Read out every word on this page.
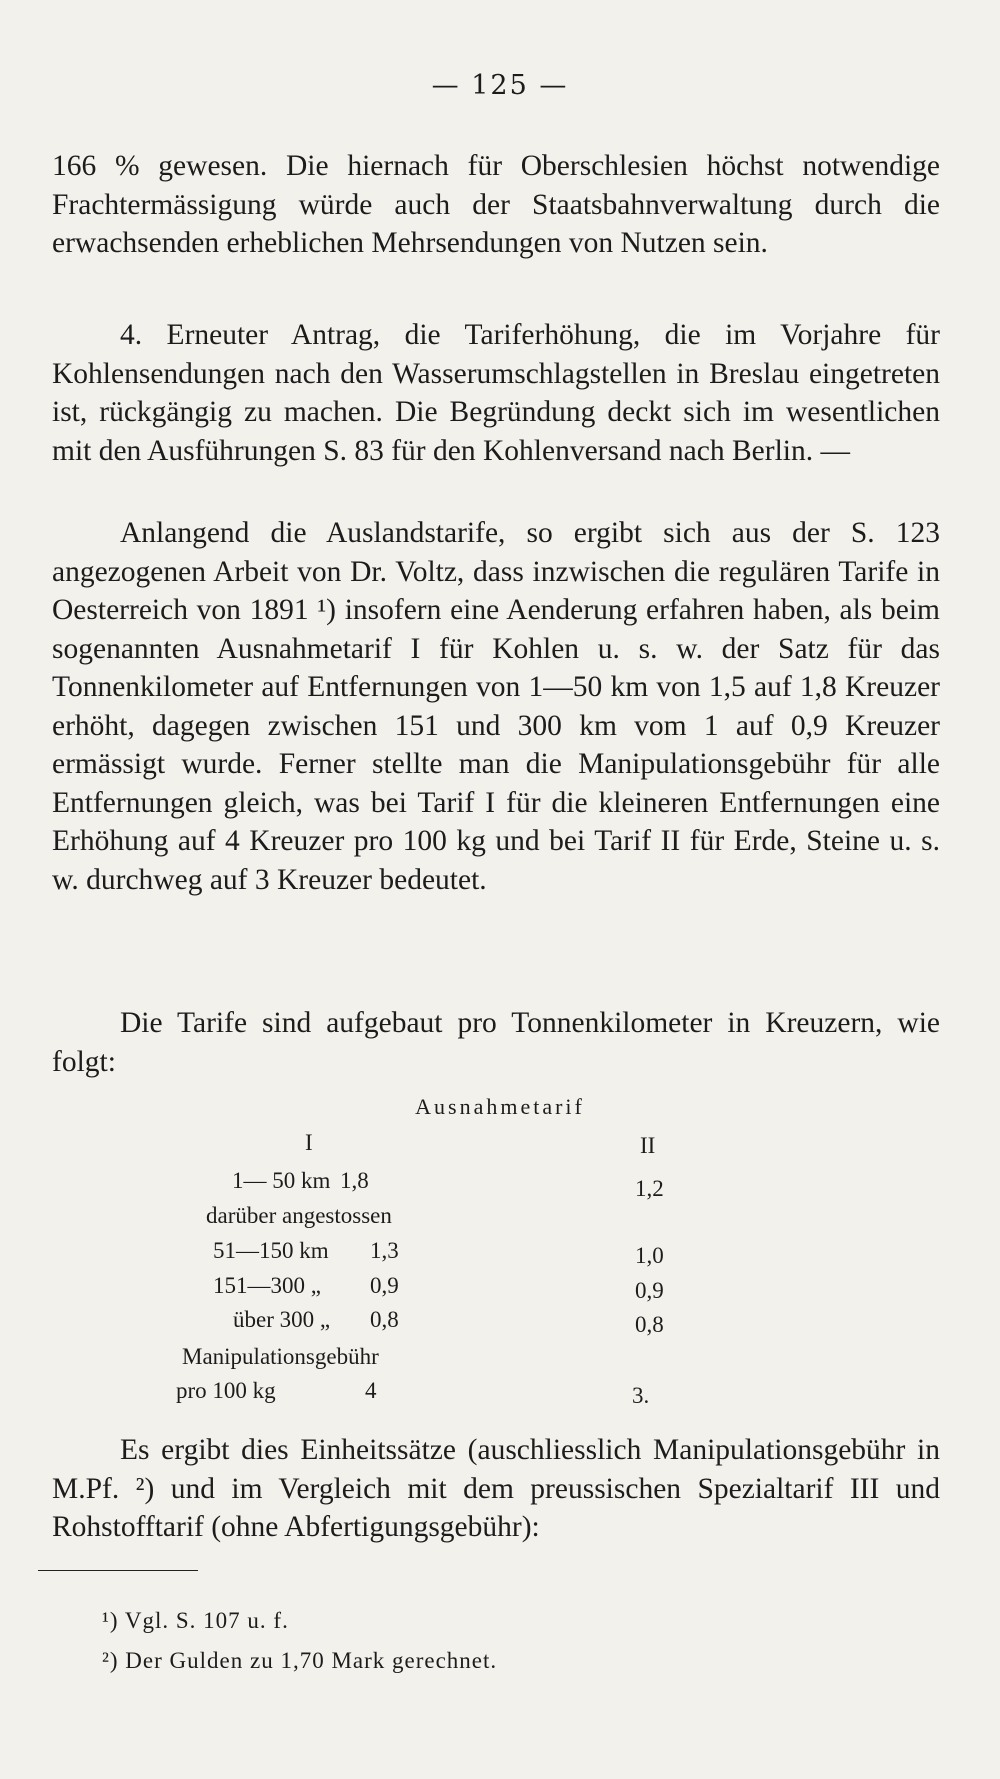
— 125 —

166 % gewesen. Die hiernach für Oberschlesien höchst notwendige Frachtermässigung würde auch der Staatsbahnverwaltung durch die erwachsenden erheblichen Mehrsendungen von Nutzen sein.

4. Erneuter Antrag, die Tariferhöhung, die im Vorjahre für Kohlensendungen nach den Wasserumschlagstellen in Breslau eingetreten ist, rückgängig zu machen. Die Begründung deckt sich im wesentlichen mit den Ausführungen S. 83 für den Kohlenversand nach Berlin. —

Anlangend die Auslandstarife, so ergibt sich aus der S. 123 angezogenen Arbeit von Dr. Voltz, dass inzwischen die regulären Tarife in Oesterreich von 1891 ¹) insofern eine Aenderung erfahren haben, als beim sogenannten Ausnahmetarif I für Kohlen u. s. w. der Satz für das Tonnenkilometer auf Entfernungen von 1—50 km von 1,5 auf 1,8 Kreuzer erhöht, dagegen zwischen 151 und 300 km vom 1 auf 0,9 Kreuzer ermässigt wurde. Ferner stellte man die Manipulationsgebühr für alle Entfernungen gleich, was bei Tarif I für die kleineren Entfernungen eine Erhöhung auf 4 Kreuzer pro 100 kg und bei Tarif II für Erde, Steine u. s. w. durchweg auf 3 Kreuzer bedeutet.

Die Tarife sind aufgebaut pro Tonnenkilometer in Kreuzern, wie folgt:

Ausnahmetarif
I	II
1— 50 km 1,8	1,2
darüber angestossen
51—150 km 1,3	1,0
151—300 „ 0,9	0,9
über 300 „ 0,8	0,8
Manipulationsgebühr
pro 100 kg	4	3.

Es ergibt dies Einheitssätze (auschliesslich Manipulationsgebühr in M.Pf. ²) und im Vergleich mit dem preussischen Spezialtarif III und Rohstofftarif (ohne Abfertigungsgebühr):

¹) Vgl. S. 107 u. f.
²) Der Gulden zu 1,70 Mark gerechnet.
